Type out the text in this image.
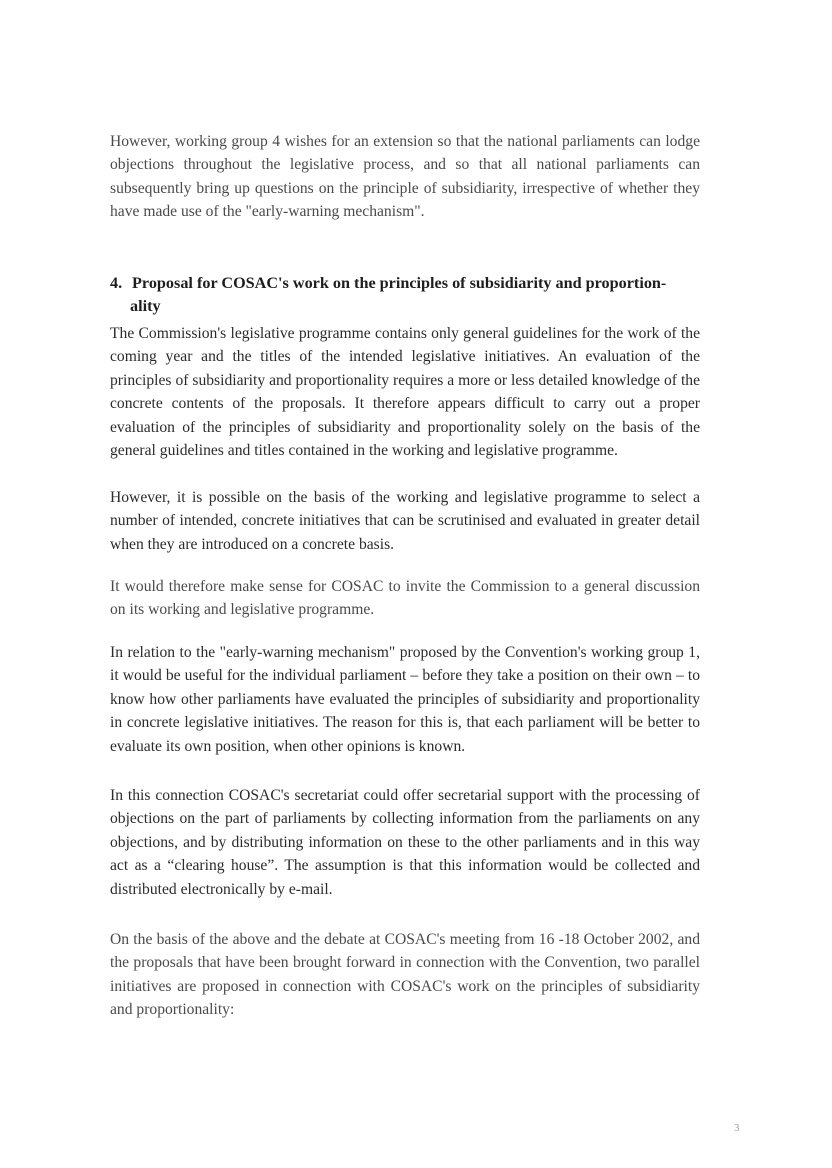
However, working group 4 wishes for an extension so that the national parliaments can lodge objections throughout the legislative process, and so that all national parliaments can subsequently bring up questions on the principle of subsidiarity, irrespective of whether they have made use of the "early-warning mechanism".

4. Proposal for COSAC's work on the principles of subsidiarity and proportion-
ality

The Commission's legislative programme contains only general guidelines for the work of the coming year and the titles of the intended legislative initiatives. An evaluation of the principles of subsidiarity and proportionality requires a more or less detailed knowledge of the concrete contents of the proposals. It therefore appears difficult to carry out a proper evaluation of the principles of subsidiarity and proportionality solely on the basis of the general guidelines and titles contained in the working and legislative programme.

However, it is possible on the basis of the working and legislative programme to select a number of intended, concrete initiatives that can be scrutinised and evaluated in greater detail when they are introduced on a concrete basis.

It would therefore make sense for COSAC to invite the Commission to a general discussion on its working and legislative programme.

In relation to the "early-warning mechanism" proposed by the Convention's working group 1, it would be useful for the individual parliament – before they take a position on their own – to know how other parliaments have evaluated the principles of subsidiarity and proportionality in concrete legislative initiatives. The reason for this is, that each parliament will be better to evaluate its own position, when other opinions is known.

In this connection COSAC's secretariat could offer secretarial support with the processing of objections on the part of parliaments by collecting information from the parliaments on any objections, and by distributing information on these to the other parliaments and in this way act as a “clearing house”. The assumption is that this information would be collected and distributed electronically by e-mail.

On the basis of the above and the debate at COSAC's meeting from 16 -18 October 2002, and the proposals that have been brought forward in connection with the Convention, two parallel initiatives are proposed in connection with COSAC's work on the principles of subsidiarity and proportionality:

3
